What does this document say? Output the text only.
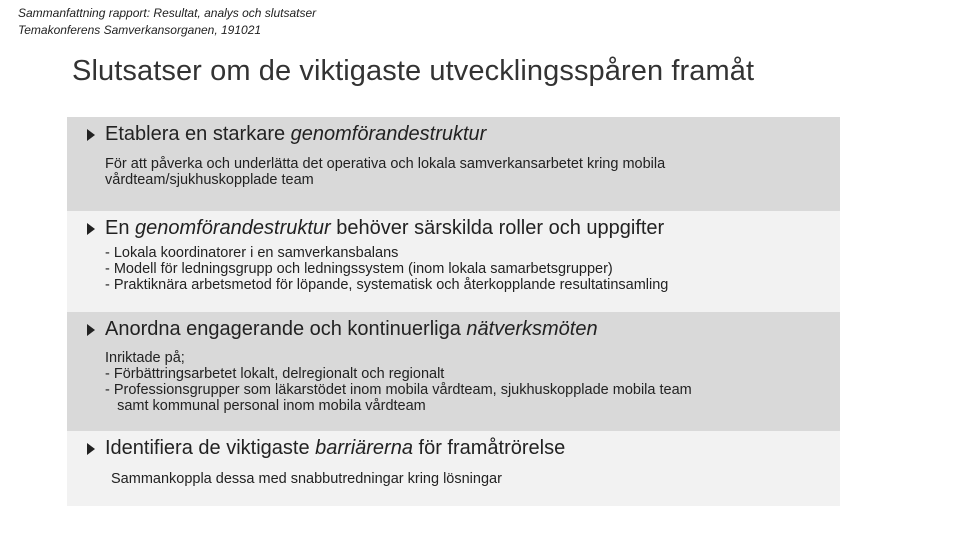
Sammanfattning rapport: Resultat, analys och slutsatser
Temakonferens Samverkansorganen, 191021
Slutsatser om de viktigaste utvecklingsspåren framåt
Etablera en starkare genomförandestruktur
För att påverka och underlätta det operativa och lokala samverkansarbetet kring mobila
vårdteam/sjukhuskopplade team
En genomförandestruktur behöver särskilda roller och uppgifter
- Lokala koordinatorer i en samverkansbalans
- Modell för ledningsgrupp och ledningssystem (inom lokala samarbetsgrupper)
- Praktiknära arbetsmetod för löpande, systematisk och återkopplande resultatinsamling
Anordna engagerande och kontinuerliga nätverksmöten
Inriktade på;
- Förbättringsarbetet lokalt, delregionalt och regionalt
- Professionsgrupper som läkarstödet inom mobila vårdteam, sjukhuskopplade mobila team
samt kommunal personal inom mobila vårdteam
Identifiera de viktigaste barriärerna för framåtrörelse
Sammankoppla dessa med snabbutredningar kring lösningar
